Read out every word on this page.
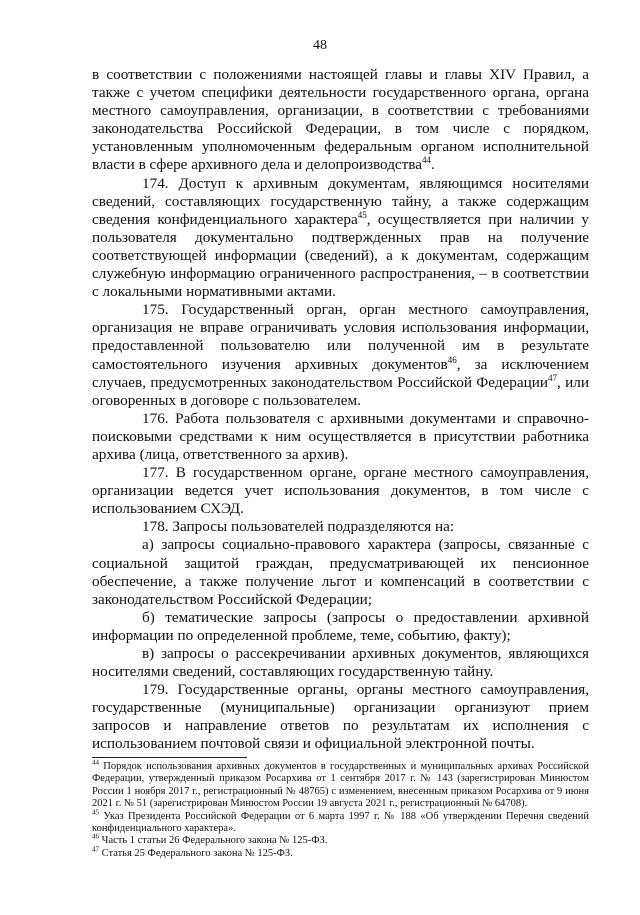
48

в соответствии с положениями настоящей главы и главы XIV Правил, а также с учетом специфики деятельности государственного органа, органа местного самоуправления, организации, в соответствии с требованиями законодательства Российской Федерации, в том числе с порядком, установленным уполномоченным федеральным органом исполнительной власти в сфере архивного дела и делопроизводства$^{44}$.

174. Доступ к архивным документам, являющимся носителями сведений, составляющих государственную тайну, а также содержащим сведения конфиденциального характера$^{45}$, осуществляется при наличии у пользователя документально подтвержденных прав на получение соответствующей информации (сведений), а к документам, содержащим служебную информацию ограниченного распространения, – в соответствии с локальными нормативными актами.

175. Государственный орган, орган местного самоуправления, организация не вправе ограничивать условия использования информации, предоставленной пользователю или полученной им в результате самостоятельного изучения архивных документов$^{46}$, за исключением случаев, предусмотренных законодательством Российской Федерации$^{47}$, или оговоренных в договоре с пользователем.

176. Работа пользователя с архивными документами и справочно-поисковыми средствами к ним осуществляется в присутствии работника архива (лица, ответственного за архив).

177. В государственном органе, органе местного самоуправления, организации ведется учет использования документов, в том числе с использованием СХЭД.

178. Запросы пользователей подразделяются на:

а) запросы социально-правового характера (запросы, связанные с социальной защитой граждан, предусматривающей их пенсионное обеспечение, а также получение льгот и компенсаций в соответствии с законодательством Российской Федерации;

б) тематические запросы (запросы о предоставлении архивной информации по определенной проблеме, теме, событию, факту);

в) запросы о рассекречивании архивных документов, являющихся носителями сведений, составляющих государственную тайну.

179. Государственные органы, органы местного самоуправления, государственные (муниципальные) организации организуют прием запросов и направление ответов по результатам их исполнения с использованием почтовой связи и официальной электронной почты.

$^{44}$ Порядок использования архивных документов в государственных и муниципальных архивах Российской Федерации, утвержденный приказом Росархива от 1 сентября 2017 г. № 143 (зарегистрирован Минюстом России 1 ноября 2017 г., регистрационный № 48765) с изменением, внесенным приказом Росархива от 9 июня 2021 г. № 51 (зарегистрирован Минюстом России 19 августа 2021 г., регистрационный № 64708).

$^{45}$ Указ Президента Российской Федерации от 6 марта 1997 г. № 188 «Об утверждении Перечня сведений конфиденциального характера».

$^{46}$ Часть 1 статьи 26 Федерального закона № 125-ФЗ.

$^{47}$ Статья 25 Федерального закона № 125-ФЗ.
